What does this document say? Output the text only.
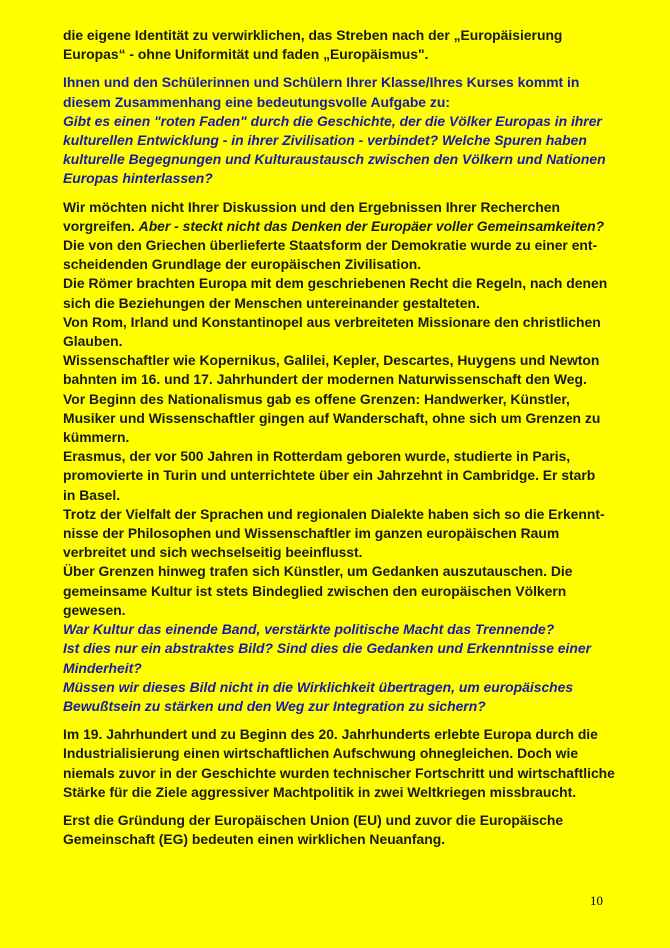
die eigene Identität zu verwirklichen, das Streben nach der „Europäisierung
Europas“ - ohne Uniformität und faden „Europäismus".

Ihnen und den Schülerinnen und Schülern Ihrer Klasse/Ihres Kurses kommt in
diesem Zusammenhang eine bedeutungsvolle Aufgabe zu:
Gibt es einen "roten Faden" durch die Geschichte, der die Völker Europas in ihrer
kulturellen Entwicklung - in ihrer Zivilisation - verbindet? Welche Spuren haben
kulturelle Begegnungen und Kulturaustausch zwischen den Völkern und Nationen
Europas hinterlassen?

Wir möchten nicht Ihrer Diskussion und den Ergebnissen Ihrer Recherchen
vorgreifen. Aber - steckt nicht das Denken der Europäer voller Gemeinsamkeiten?
Die von den Griechen überlieferte Staatsform der Demokratie wurde zu einer ent-
scheidenden Grundlage der europäischen Zivilisation.
Die Römer brachten Europa mit dem geschriebenen Recht die Regeln, nach denen
sich die Beziehungen der Menschen untereinander gestalteten.
Von Rom, Irland und Konstantinopel aus verbreiteten Missionare den christlichen
Glauben.
Wissenschaftler wie Kopernikus, Galilei, Kepler, Descartes, Huygens und Newton
bahnten im 16. und 17. Jahrhundert der modernen Naturwissenschaft den Weg.
Vor Beginn des Nationalismus gab es offene Grenzen: Handwerker, Künstler,
Musiker und Wissenschaftler gingen auf Wanderschaft, ohne sich um Grenzen zu
kümmern.
Erasmus, der vor 500 Jahren in Rotterdam geboren wurde, studierte in Paris,
promovierte in Turin und unterrichtete über ein Jahrzehnt in Cambridge. Er starb
in Basel.
Trotz der Vielfalt der Sprachen und regionalen Dialekte haben sich so die Erkennt-
nisse der Philosophen und Wissenschaftler im ganzen europäischen Raum
verbreitet und sich wechselseitig beeinflusst.
Über Grenzen hinweg trafen sich Künstler, um Gedanken auszutauschen. Die
gemeinsame Kultur ist stets Bindeglied zwischen den europäischen Völkern
gewesen.
War Kultur das einende Band, verstärkte politische Macht das Trennende?
Ist dies nur ein abstraktes Bild? Sind dies die Gedanken und Erkenntnisse einer
Minderheit?
Müssen wir dieses Bild nicht in die Wirklichkeit übertragen, um europäisches
Bewußtsein zu stärken und den Weg zur Integration zu sichern?

Im 19. Jahrhundert und zu Beginn des 20. Jahrhunderts erlebte Europa durch die
Industrialisierung einen wirtschaftlichen Aufschwung ohnegleichen. Doch wie
niemals zuvor in der Geschichte wurden technischer Fortschritt und wirtschaftliche
Stärke für die Ziele aggressiver Machtpolitik in zwei Weltkriegen missbraucht.

Erst die Gründung der Europäischen Union (EU) und zuvor die Europäische
Gemeinschaft (EG) bedeuten einen wirklichen Neuanfang.

10
